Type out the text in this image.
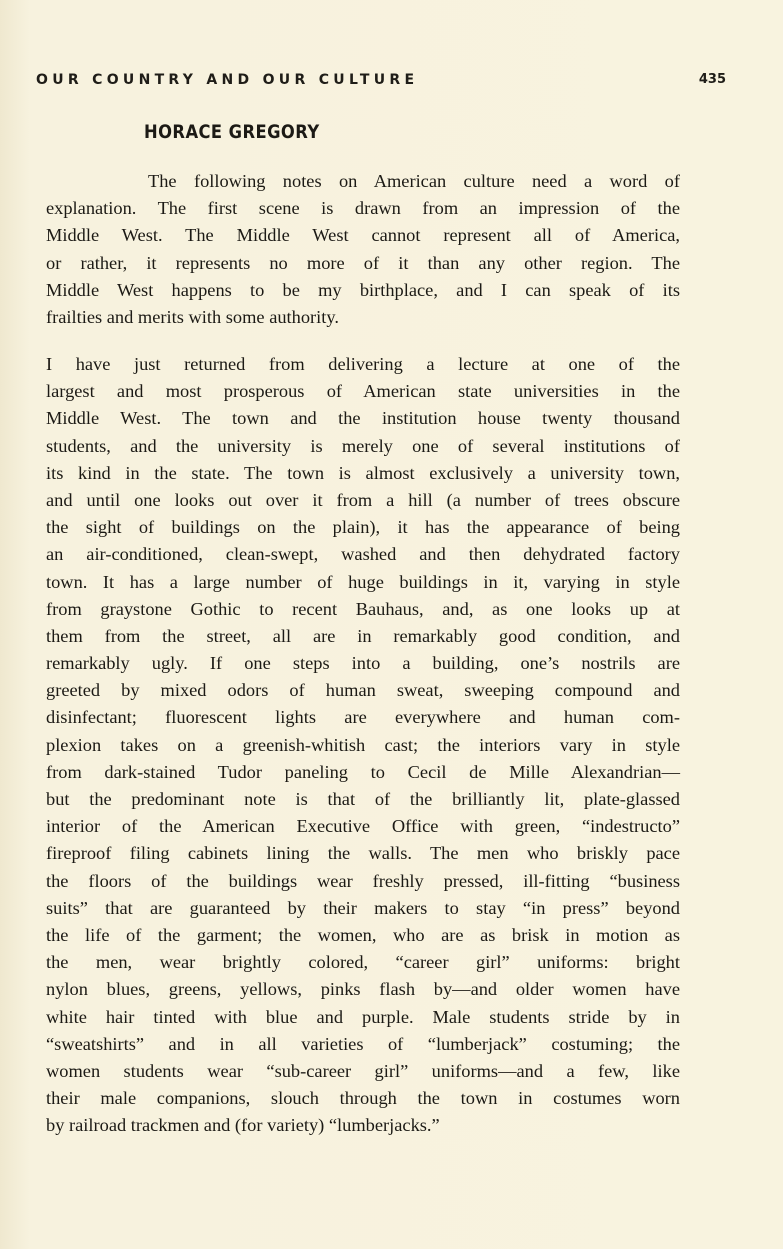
OUR COUNTRY AND OUR CULTURE	435
HORACE GREGORY
The following notes on American culture need a word of
explanation. The first scene is drawn from an impression of the
Middle West. The Middle West cannot represent all of America,
or rather, it represents no more of it than any other region. The
Middle West happens to be my birthplace, and I can speak of its
frailties and merits with some authority.
I have just returned from delivering a lecture at one of the
largest and most prosperous of American state universities in the
Middle West. The town and the institution house twenty thousand
students, and the university is merely one of several institutions of
its kind in the state. The town is almost exclusively a university town,
and until one looks out over it from a hill (a number of trees obscure
the sight of buildings on the plain), it has the appearance of being
an air-conditioned, clean-swept, washed and then dehydrated factory
town. It has a large number of huge buildings in it, varying in style
from graystone Gothic to recent Bauhaus, and, as one looks up at
them from the street, all are in remarkably good condition, and
remarkably ugly. If one steps into a building, one’s nostrils are
greeted by mixed odors of human sweat, sweeping compound and
disinfectant; fluorescent lights are everywhere and human com-
plexion takes on a greenish-whitish cast; the interiors vary in style
from dark-stained Tudor paneling to Cecil de Mille Alexandrian—
but the predominant note is that of the brilliantly lit, plate-glassed
interior of the American Executive Office with green, “indestructo”
fireproof filing cabinets lining the walls. The men who briskly pace
the floors of the buildings wear freshly pressed, ill-fitting “business
suits” that are guaranteed by their makers to stay “in press” beyond
the life of the garment; the women, who are as brisk in motion as
the men, wear brightly colored, “career girl” uniforms: bright
nylon blues, greens, yellows, pinks flash by—and older women have
white hair tinted with blue and purple. Male students stride by in
“sweatshirts” and in all varieties of “lumberjack” costuming; the
women students wear “sub-career girl” uniforms—and a few, like
their male companions, slouch through the town in costumes worn
by railroad trackmen and (for variety) “lumberjacks.”
